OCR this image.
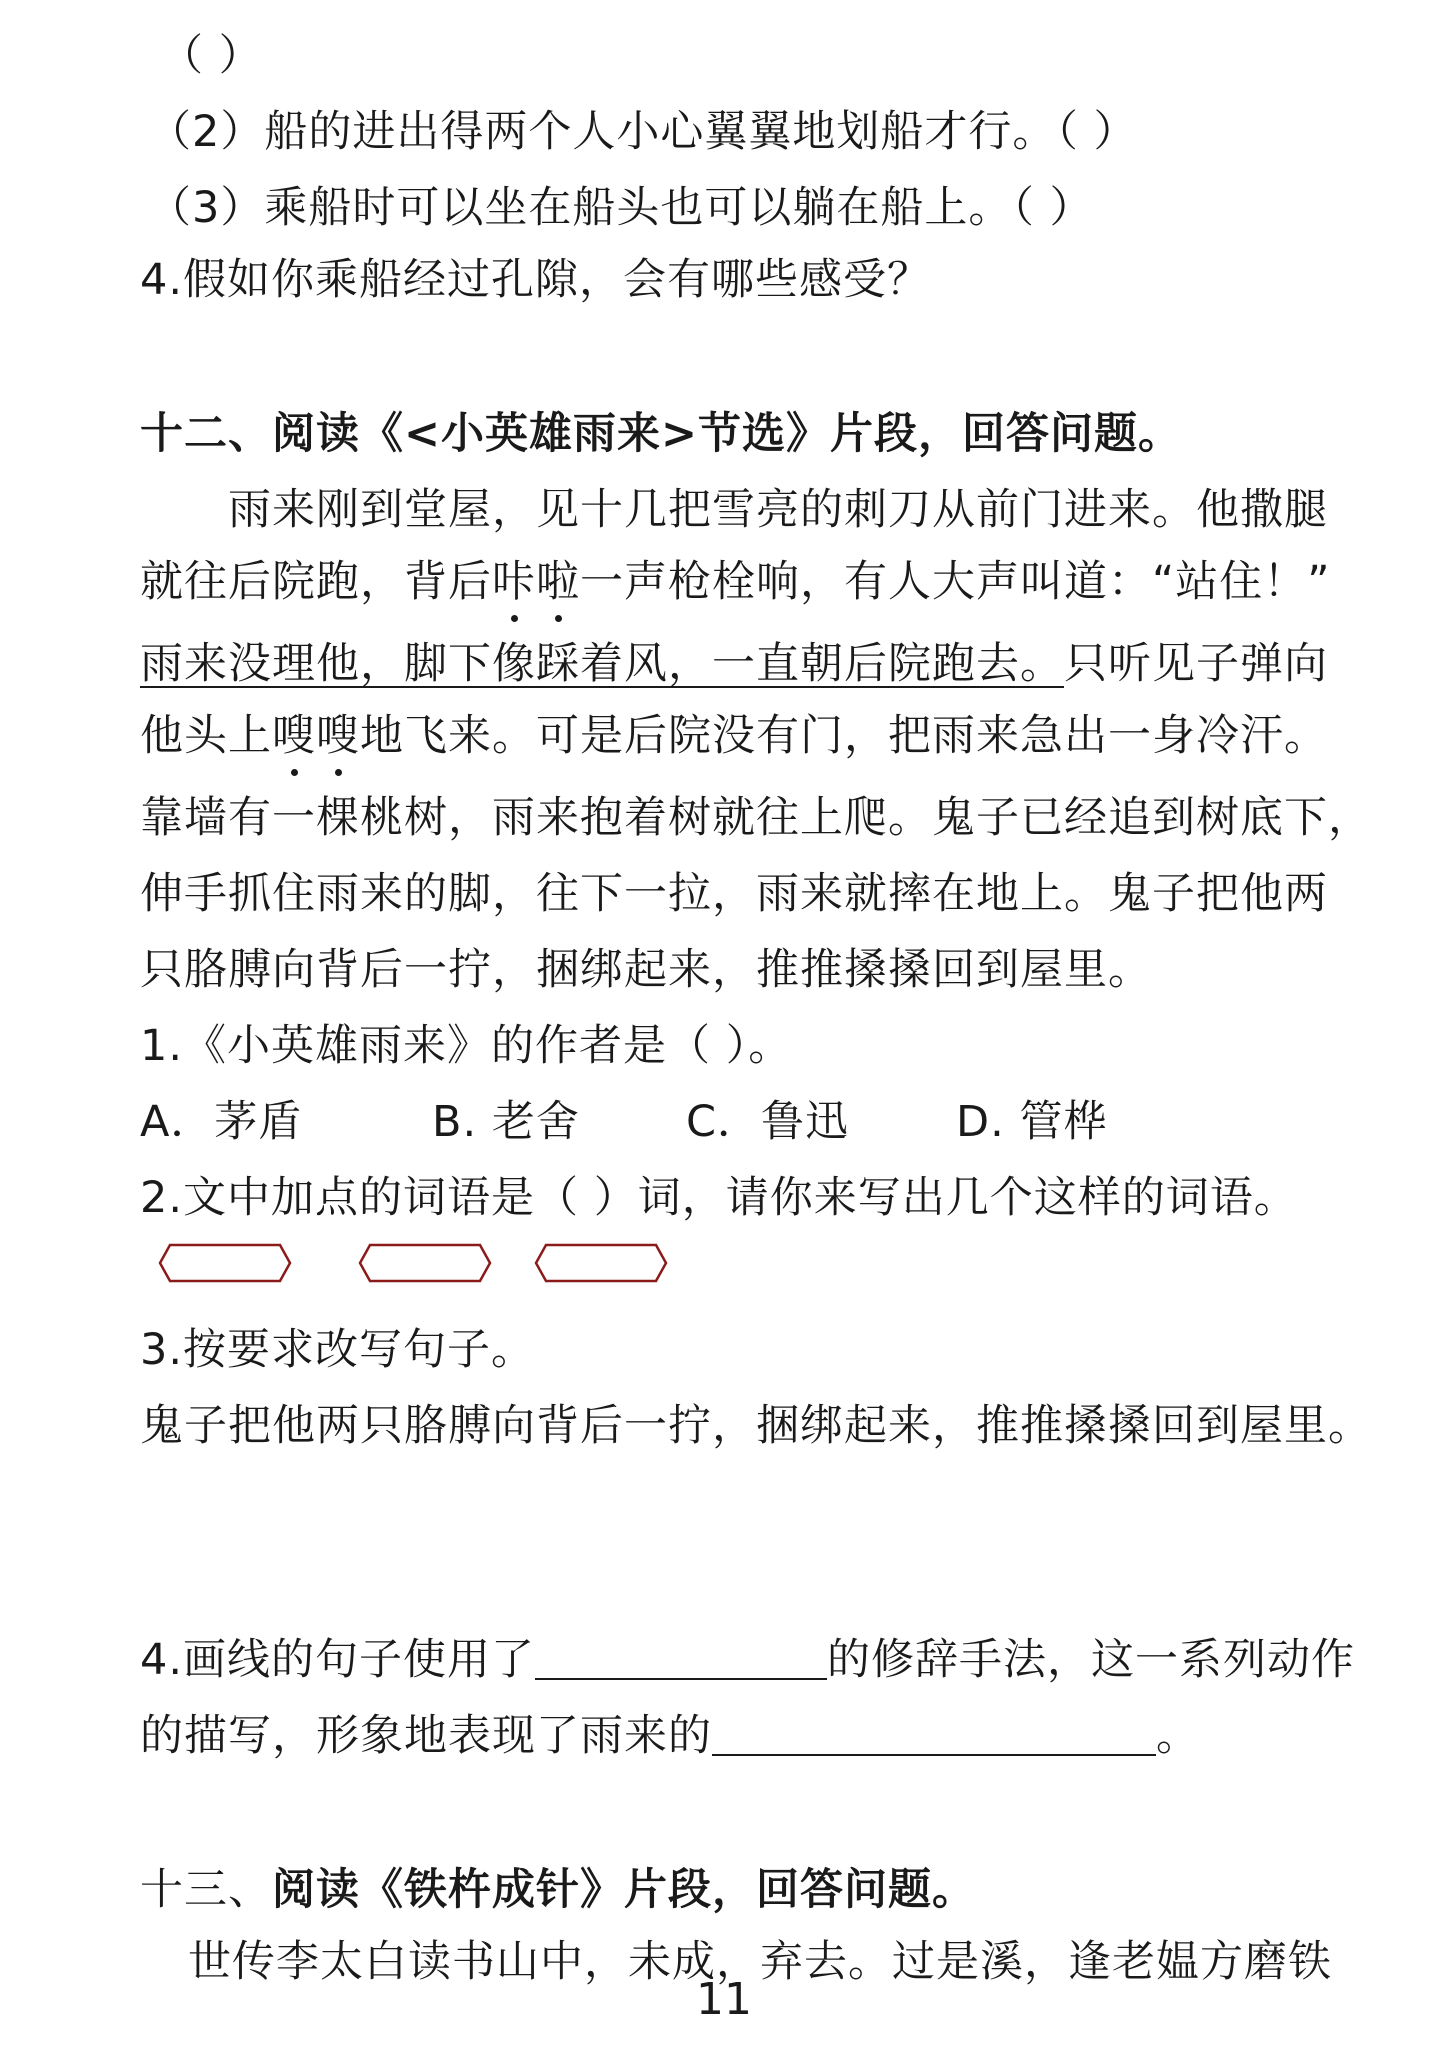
（ ）
（2）船的进出得两个人小心翼翼地划船才行。（ ）
（3）乘船时可以坐在船头也可以躺在船上。（ ）
4.假如你乘船经过孔隙，会有哪些感受？
十二、阅读《<小英雄雨来>节选》片段，回答问题。
雨来刚到堂屋，见十几把雪亮的刺刀从前门进来。他撒腿
就往后院跑，背后咔啦一声枪栓响，有人大声叫道：“站住！”
雨来没理他，脚下像踩着风，一直朝后院跑去。只听见子弹向
他头上嗖嗖地飞来。可是后院没有门，把雨来急出一身冷汗。
靠墙有一棵桃树，雨来抱着树就往上爬。鬼子已经追到树底下，
伸手抓住雨来的脚，往下一拉，雨来就摔在地上。鬼子把他两
只胳膊向背后一拧，捆绑起来，推推搡搡回到屋里。
1.《小英雄雨来》的作者是（ ）。
A．茅盾	B. 老舍 C．鲁迅 D. 管桦
2.文中加点的词语是（ ）词，请你来写出几个这样的词语。
3.按要求改写句子。
鬼子把他两只胳膊向背后一拧，捆绑起来，推推搡搡回到屋里。
4.画线的句子使用了	的修辞手法，这一系列动作
的描写，形象地表现了雨来的	。
十三、阅读《铁杵成针》片段，回答问题。
世传李太白读书山中，未成，弃去。过是溪，逢老媪方磨铁
11
